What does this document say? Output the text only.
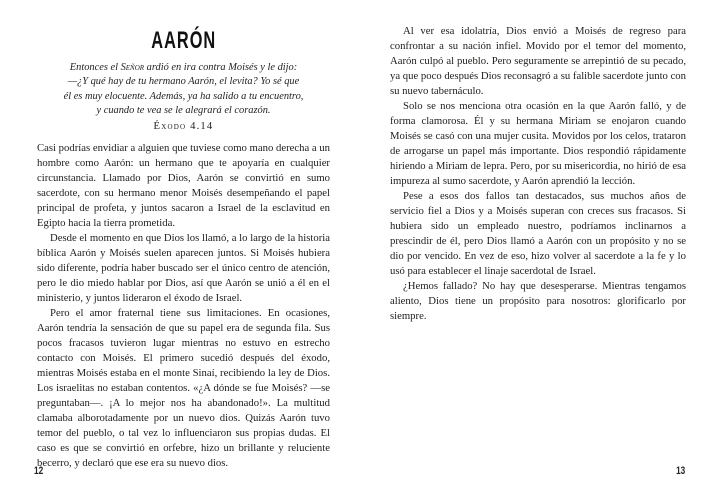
AARÓN
Entonces el Señor ardió en ira contra Moisés y le dijo:
—¿Y qué hay de tu hermano Aarón, el levita? Yo sé que
él es muy elocuente. Además, ya ha salido a tu encuentro,
y cuando te vea se le alegrará el corazón.
Éxodo 4.14

Casi podrías envidiar a alguien que tuviese como mano derecha a un hombre como Aarón: un hermano que te apoyaría en cualquier circunstancia. Llamado por Dios, Aarón se convirtió en sumo sacerdote, con su hermano menor Moisés desempeñando el papel principal de profeta, y juntos sacaron a Israel de la esclavitud en Egipto hacia la tierra prometida.

Desde el momento en que Dios los llamó, a lo largo de la historia bíblica Aarón y Moisés suelen aparecen juntos. Si Moisés hubiera sido diferente, podría haber buscado ser el único centro de atención, pero le dio miedo hablar por Dios, así que Aarón se unió a él en el ministerio, y juntos lideraron el éxodo de Israel.

Pero el amor fraternal tiene sus limitaciones. En ocasiones, Aarón tendría la sensación de que su papel era de segunda fila. Sus pocos fracasos tuvieron lugar mientras no estuvo en estrecho contacto con Moisés. El primero sucedió después del éxodo, mientras Moisés estaba en el monte Sinaí, recibiendo la ley de Dios. Los israelitas no estaban contentos. «¿A dónde se fue Moisés? —se preguntaban—. ¡A lo mejor nos ha abandonado!». La multitud clamaba alborotadamente por un nuevo dios. Quizás Aarón tuvo temor del pueblo, o tal vez lo influenciaron sus propias dudas. El caso es que se convirtió en orfebre, hizo un brillante y reluciente becerro, y declaró que ese era su nuevo dios.

12

Al ver esa idolatría, Dios envió a Moisés de regreso para confrontar a su nación infiel. Movido por el temor del momento, Aarón culpó al pueblo. Pero seguramente se arrepintió de su pecado, ya que poco después Dios reconsagró a su falible sacerdote junto con su nuevo tabernáculo.

Solo se nos menciona otra ocasión en la que Aarón falló, y de forma clamorosa. Él y su hermana Miriam se enojaron cuando Moisés se casó con una mujer cusita. Movidos por los celos, trataron de arrogarse un papel más importante. Dios respondió rápidamente hiriendo a Miriam de lepra. Pero, por su misericordia, no hirió de esa impureza al sumo sacerdote, y Aarón aprendió la lección.

Pese a esos dos fallos tan destacados, sus muchos años de servicio fiel a Dios y a Moisés superan con creces sus fracasos. Si hubiera sido un empleado nuestro, podríamos inclinarnos a prescindir de él, pero Dios llamó a Aarón con un propósito y no se dio por vencido. En vez de eso, hizo volver al sacerdote a la fe y lo usó para establecer el linaje sacerdotal de Israel.

¿Hemos fallado? No hay que desesperarse. Mientras tengamos aliento, Dios tiene un propósito para nosotros: glorificarlo por siempre.

13
